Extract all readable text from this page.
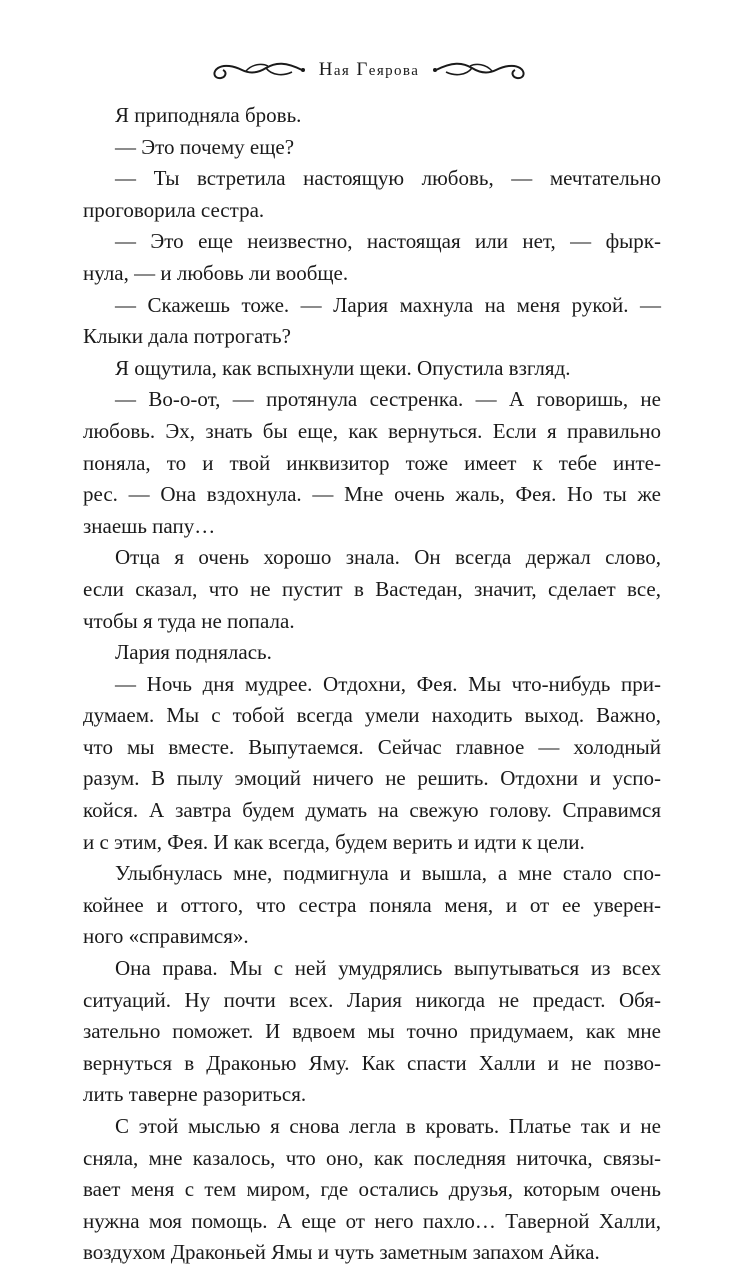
Ная Геярова

Я приподняла бровь.

— Это почему еще?

— Ты встретила настоящую любовь, — мечтательно
проговорила сестра.

— Это еще неизвестно, настоящая или нет, — фырк-
нула, — и любовь ли вообще.

— Скажешь тоже. — Лария махнула на меня рукой. —
Клыки дала потрогать?

Я ощутила, как вспыхнули щеки. Опустила взгляд.

— Во-о-от, — протянула сестренка. — А говоришь, не
любовь. Эх, знать бы еще, как вернуться. Если я правильно
поняла, то и твой инквизитор тоже имеет к тебе инте-
рес. — Она вздохнула. — Мне очень жаль, Фея. Но ты же
знаешь папу…

Отца я очень хорошо знала. Он всегда держал слово,
если сказал, что не пустит в Вастедан, значит, сделает все,
чтобы я туда не попала.

Лария поднялась.

— Ночь дня мудрее. Отдохни, Фея. Мы что-нибудь при-
думаем. Мы с тобой всегда умели находить выход. Важно,
что мы вместе. Выпутаемся. Сейчас главное — холодный
разум. В пылу эмоций ничего не решить. Отдохни и успо-
койся. А завтра будем думать на свежую голову. Справимся
и с этим, Фея. И как всегда, будем верить и идти к цели.

Улыбнулась мне, подмигнула и вышла, а мне стало спо-
койнее и оттого, что сестра поняла меня, и от ее уверен-
ного «справимся».

Она права. Мы с ней умудрялись выпутываться из всех
ситуаций. Ну почти всех. Лария никогда не предаст. Обя-
зательно поможет. И вдвоем мы точно придумаем, как мне
вернуться в Драконью Яму. Как спасти Халли и не позво-
лить таверне разориться.

С этой мыслью я снова легла в кровать. Платье так и не
сняла, мне казалось, что оно, как последняя ниточка, связы-
вает меня с тем миром, где остались друзья, которым очень
нужна моя помощь. А еще от него пахло… Таверной Халли,
воздухом Драконьей Ямы и чуть заметным запахом Айка.
